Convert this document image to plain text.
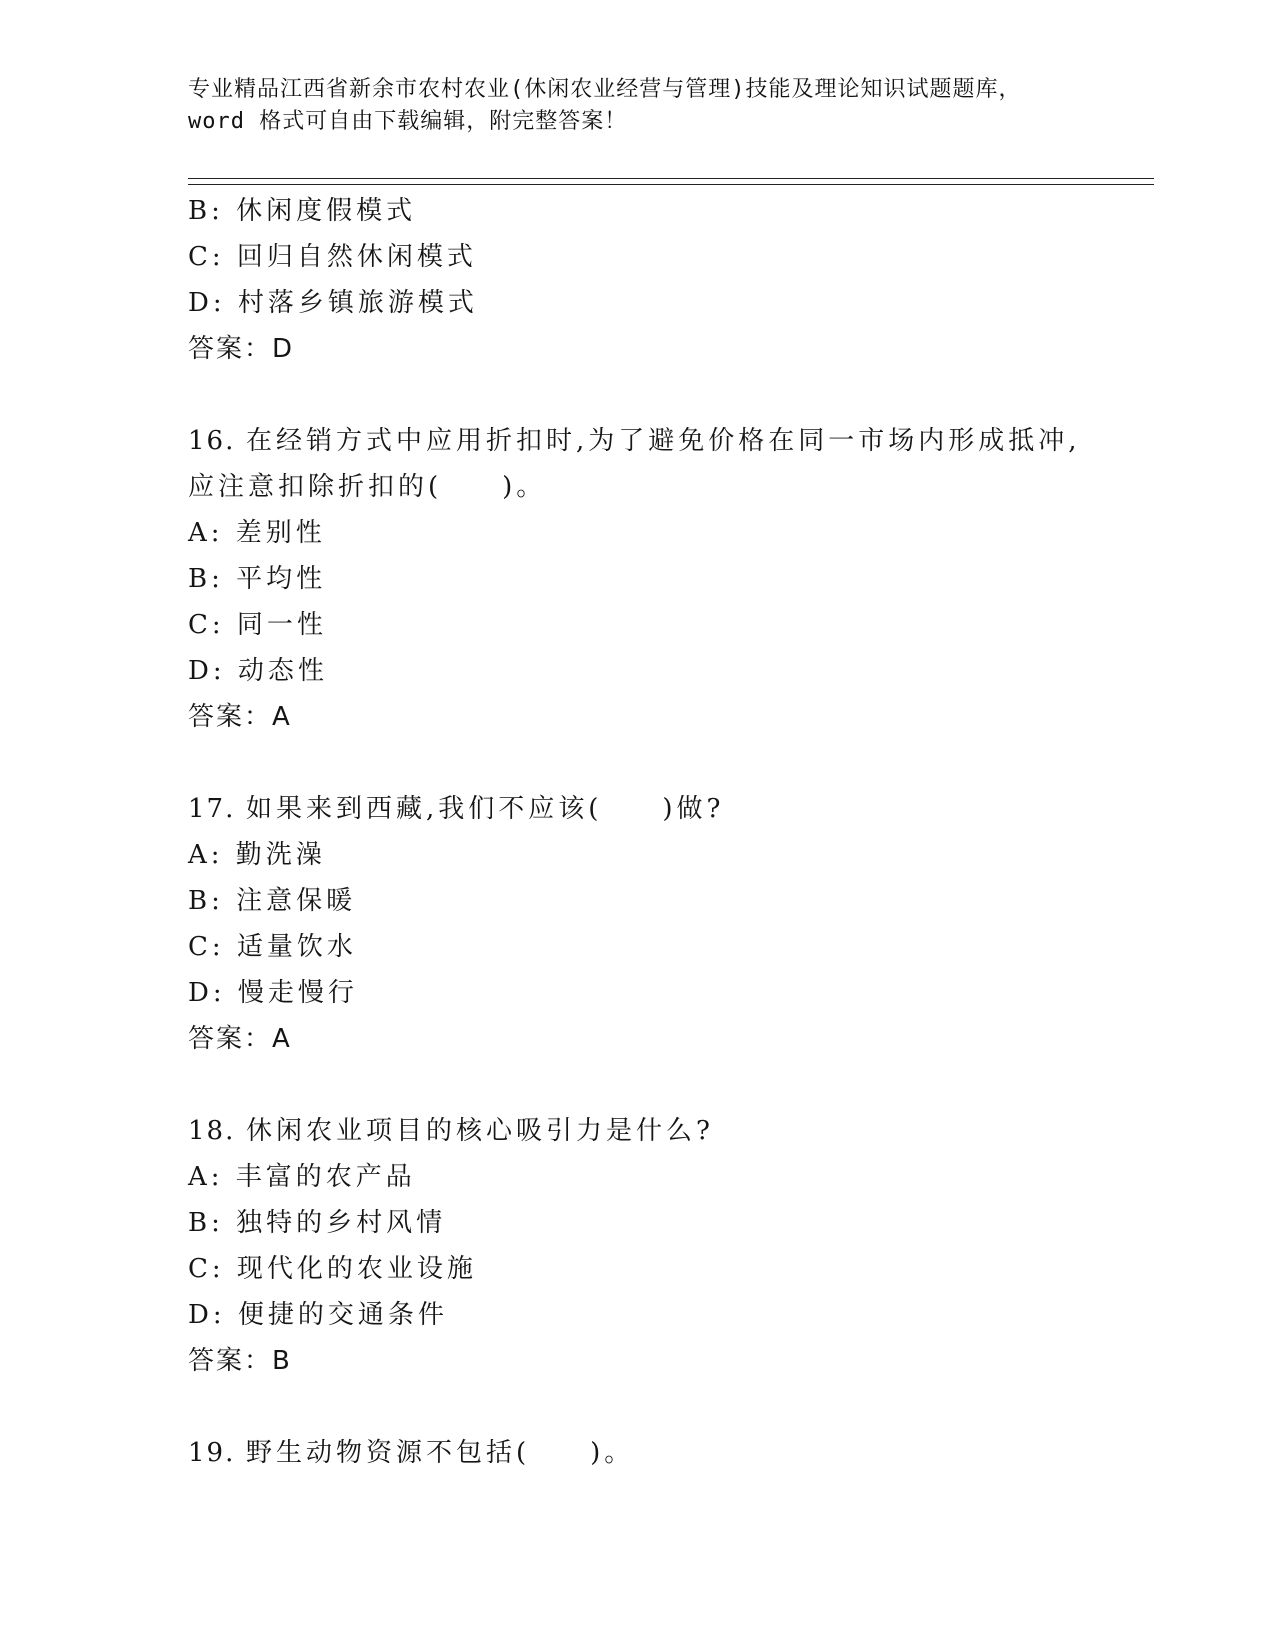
专业精品江西省新余市农村农业(休闲农业经营与管理)技能及理论知识试题题库，
word 格式可自由下载编辑，附完整答案！
B: 休闲度假模式
C: 回归自然休闲模式
D: 村落乡镇旅游模式
答案：D
16. 在经销方式中应用折扣时,为了避免价格在同一市场内形成抵冲,
应注意扣除折扣的(　　)。
A: 差别性
B: 平均性
C: 同一性
D: 动态性
答案：A
17. 如果来到西藏,我们不应该(　　)做?
A: 勤洗澡
B: 注意保暖
C: 适量饮水
D: 慢走慢行
答案：A
18. 休闲农业项目的核心吸引力是什么?
A: 丰富的农产品
B: 独特的乡村风情
C: 现代化的农业设施
D: 便捷的交通条件
答案：B
19. 野生动物资源不包括(　　)。
